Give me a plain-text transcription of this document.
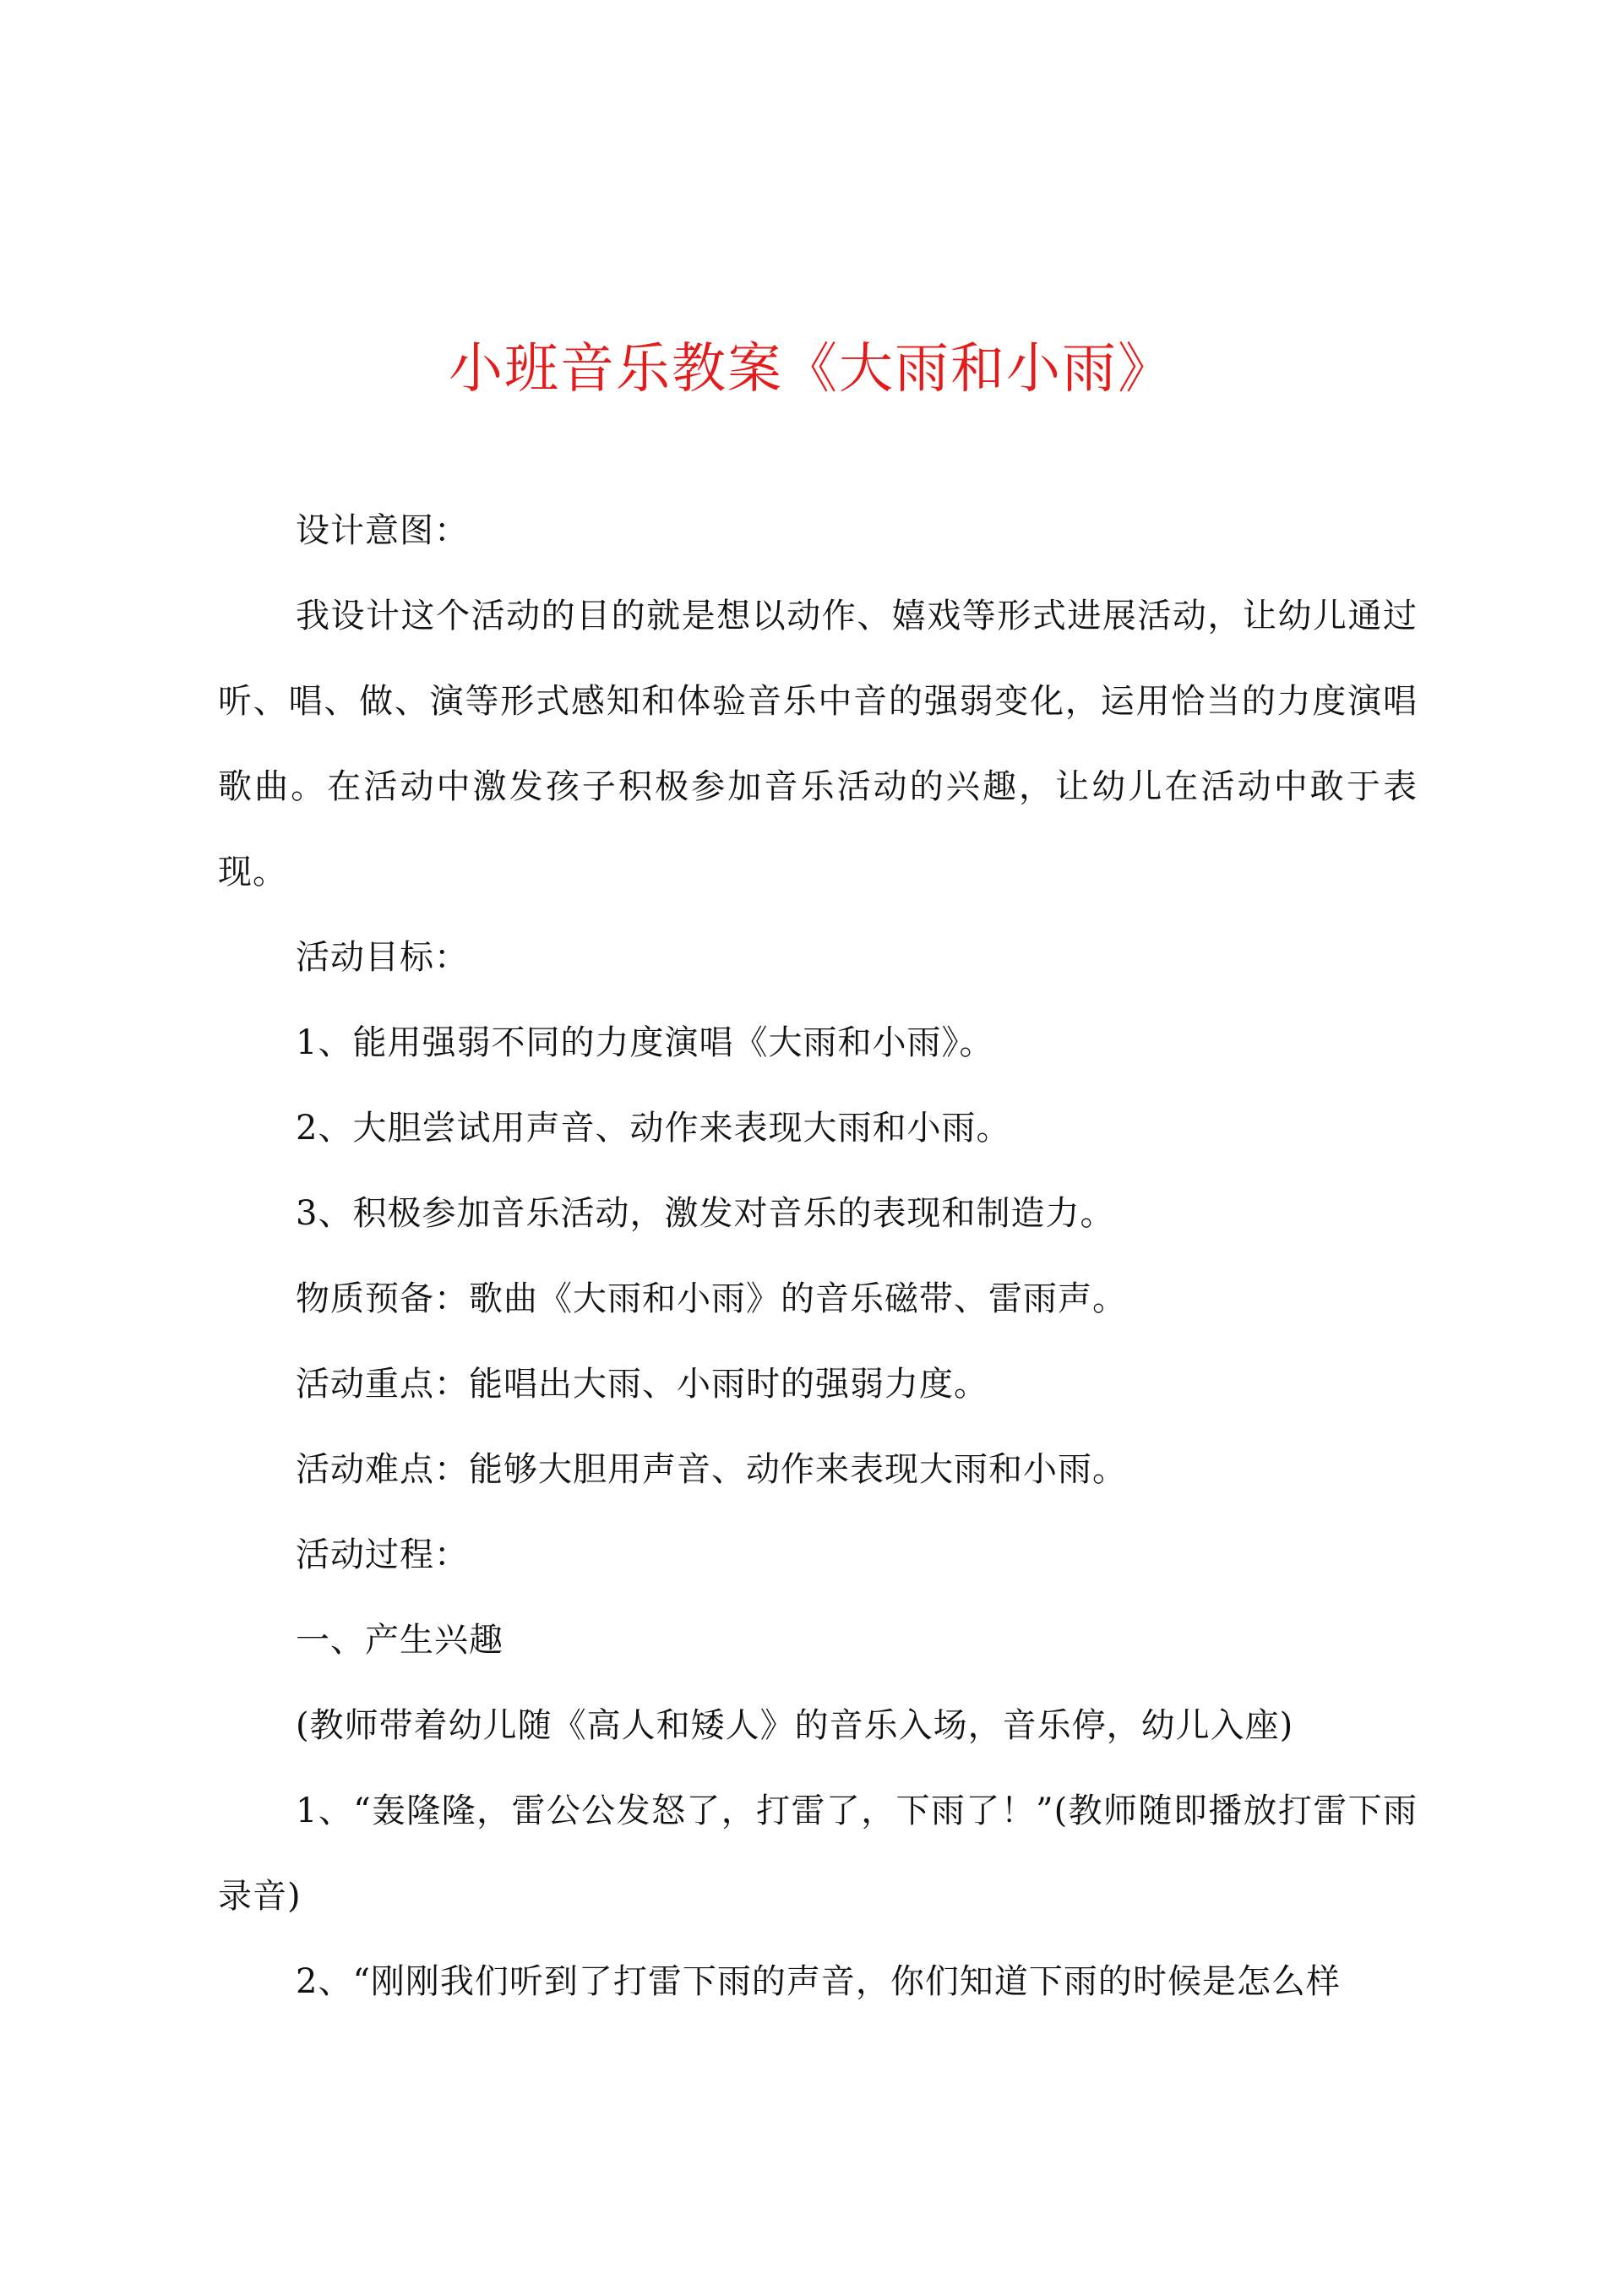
小班音乐教案《大雨和小雨》

设计意图：

我设计这个活动的目的就是想以动作、嬉戏等形式进展活动，让幼儿通过听、唱、做、演等形式感知和体验音乐中音的强弱变化，运用恰当的力度演唱歌曲。在活动中激发孩子积极参加音乐活动的兴趣，让幼儿在活动中敢于表现。

活动目标：

1、能用强弱不同的力度演唱《大雨和小雨》。

2、大胆尝试用声音、动作来表现大雨和小雨。

3、积极参加音乐活动，激发对音乐的表现和制造力。

物质预备：歌曲《大雨和小雨》的音乐磁带、雷雨声。

活动重点：能唱出大雨、小雨时的强弱力度。

活动难点：能够大胆用声音、动作来表现大雨和小雨。

活动过程：

一、产生兴趣

(教师带着幼儿随《高人和矮人》的音乐入场，音乐停，幼儿入座)

1、“轰隆隆，雷公公发怒了，打雷了，下雨了！”(教师随即播放打雷下雨录音)

2、“刚刚我们听到了打雷下雨的声音，你们知道下雨的时候是怎么样
